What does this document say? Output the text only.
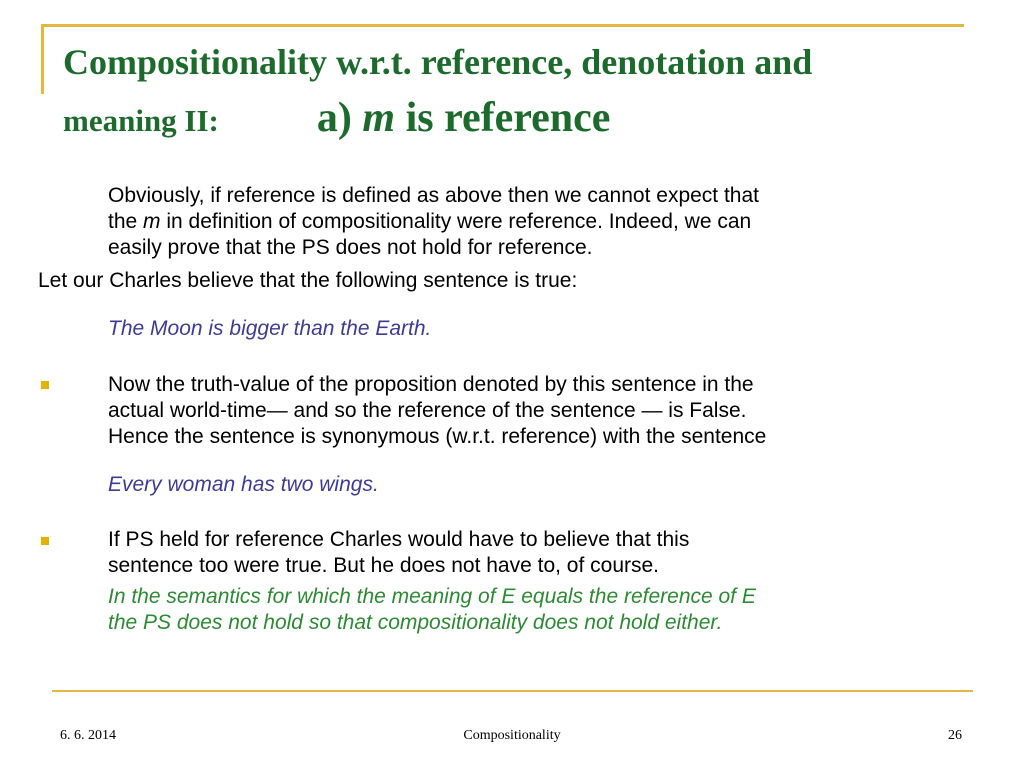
Compositionality w.r.t. reference, denotation and
meaning II: a) m is reference
Obviously, if reference is defined as above then we cannot expect that
the m in definition of compositionality were reference. Indeed, we can
easily prove that the PS does not hold for reference.
Let our Charles believe that the following sentence is true:
The Moon is bigger than the Earth.
Now the truth-value of the proposition denoted by this sentence in the
actual world-time— and so the reference of the sentence — is False.
Hence the sentence is synonymous (w.r.t. reference) with the sentence
Every woman has two wings.
If PS held for reference Charles would have to believe that this
sentence too were true. But he does not have to, of course.
In the semantics for which the meaning of E equals the reference of E
the PS does not hold so that compositionality does not hold either.
6. 6. 2014	Compositionality	26
